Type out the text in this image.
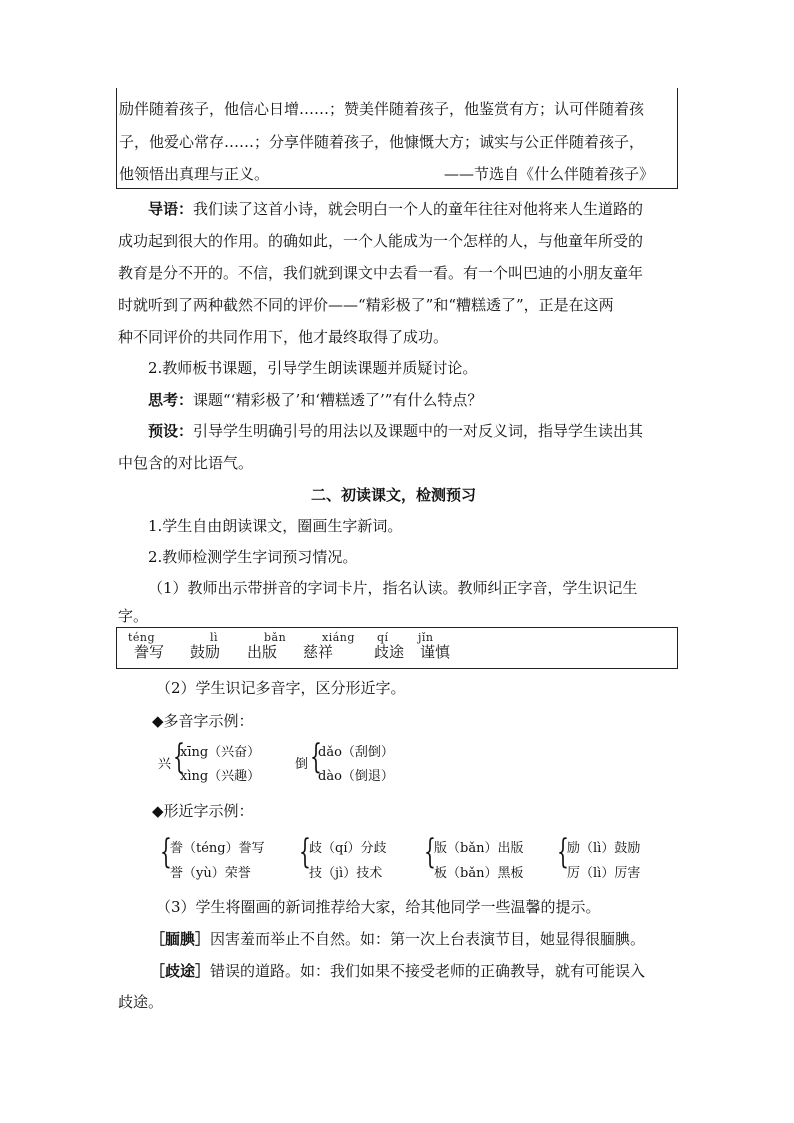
励伴随着孩子，他信心日增……；赞美伴随着孩子，他鉴赏有方；认可伴随着孩
子，他爱心常存……；分享伴随着孩子，他慷慨大方；诚实与公正伴随着孩子，
他领悟出真理与正义。	——节选自《什么伴随着孩子》
导语：我们读了这首小诗，就会明白一个人的童年往往对他将来人生道路的
成功起到很大的作用。的确如此，一个人能成为一个怎样的人，与他童年所受的
教育是分不开的。不信，我们就到课文中去看一看。有一个叫巴迪的小朋友童年
时就听到了两种截然不同的评价——“精彩极了”和“糟糕透了”，正是在这两
种不同评价的共同作用下，他才最终取得了成功。
2.教师板书课题，引导学生朗读课题并质疑讨论。
思考：课题“‘精彩极了’和‘糟糕透了’”有什么特点？
预设：引导学生明确引号的用法以及课题中的一对反义词，指导学生读出其
中包含的对比语气。
二、初读课文，检测预习
1.学生自由朗读课文，圈画生字新词。
2.教师检测学生字词预习情况。
（1）教师出示带拼音的字词卡片，指名认读。教师纠正字音，学生识记生
字。
téng
誊写
lì
鼓励
bǎn
出版
xiáng
慈祥
qí
歧途
jǐn
谨慎
（2）学生识记多音字，区分形近字。
◆多音字示例：
兴 {
xīng（兴奋）
xìng（兴趣）
倒 {
dǎo（刮倒）
dào（倒退）
◆形近字示例：
{
誊（téng）誊写
誉（yù）荣誉
{
歧（qí）分歧
技（jì）技术
{
版（bǎn）出版
板（bǎn）黑板
{
励（lì）鼓励
厉（lì）厉害
（3）学生将圈画的新词推荐给大家，给其他同学一些温馨的提示。
［腼腆］因害羞而举止不自然。如：第一次上台表演节目，她显得很腼腆。
［歧途］错误的道路。如：我们如果不接受老师的正确教导，就有可能误入
歧途。
